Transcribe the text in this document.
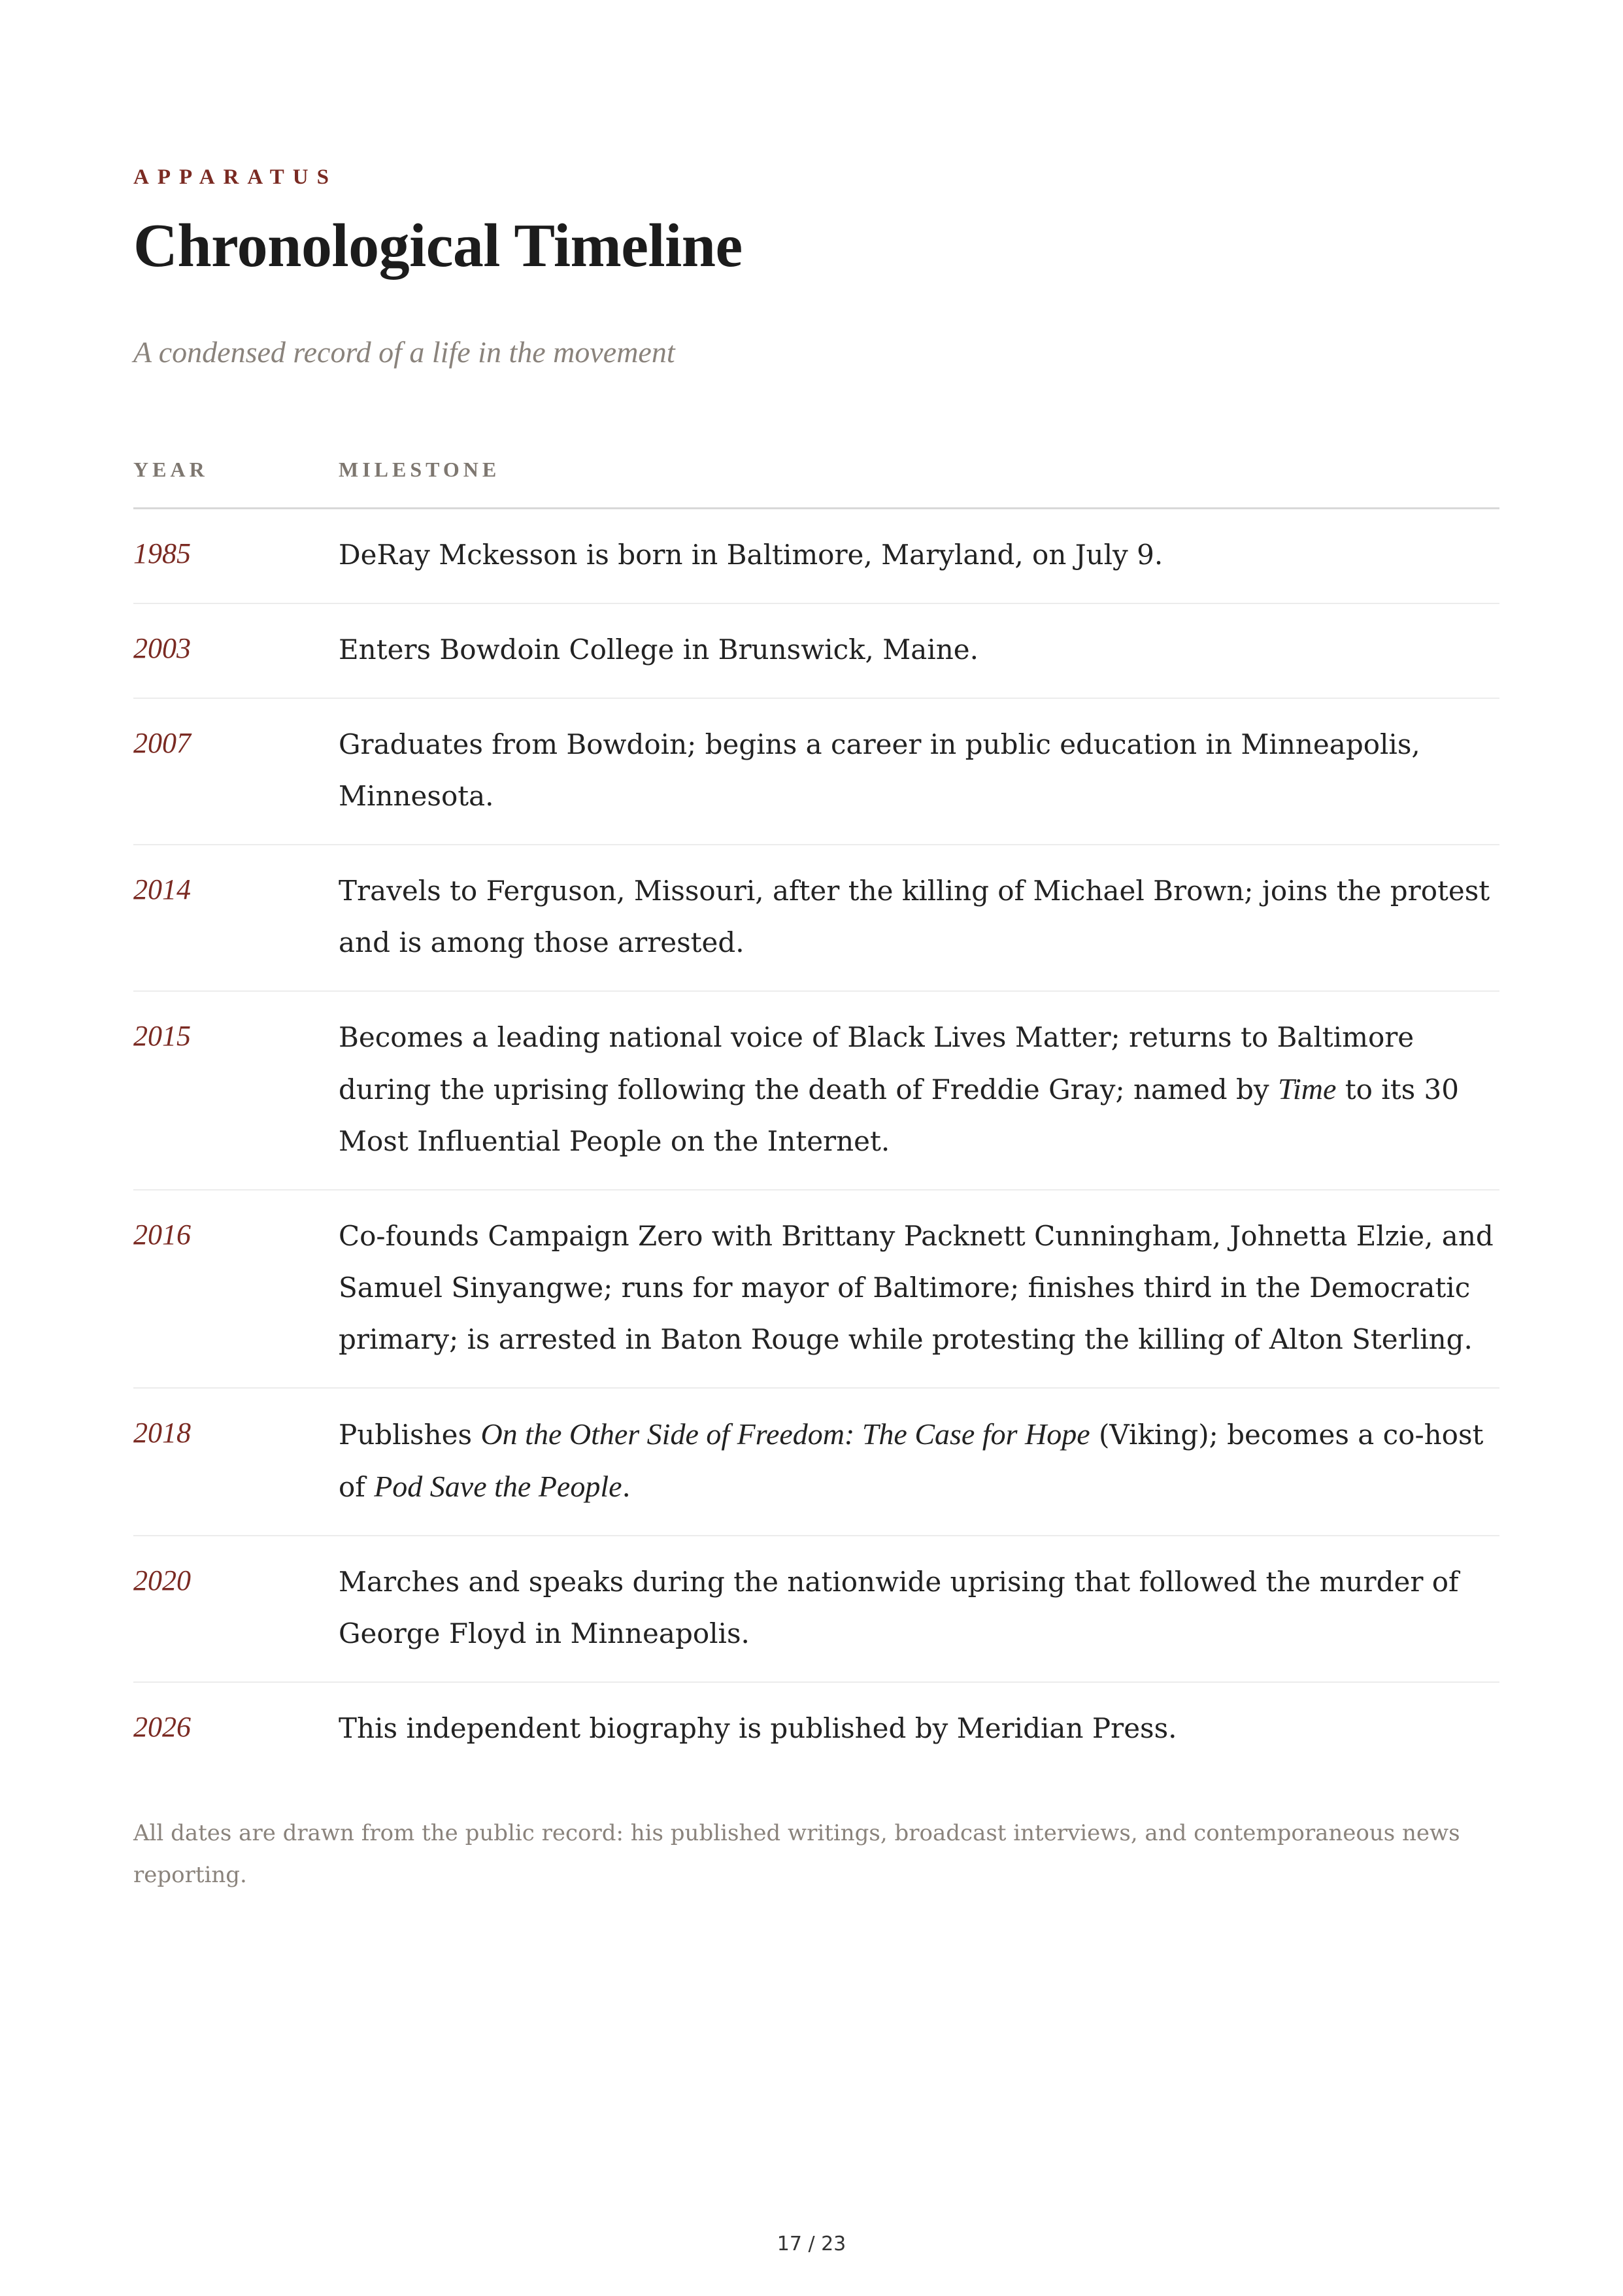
APPARATUS
Chronological Timeline
A condensed record of a life in the movement
YEAR	MILESTONE
1985	DeRay Mckesson is born in Baltimore, Maryland, on July 9.
2003	Enters Bowdoin College in Brunswick, Maine.
2007	Graduates from Bowdoin; begins a career in public education in Minneapolis, Minnesota.
2014	Travels to Ferguson, Missouri, after the killing of Michael Brown; joins the protest and is among those arrested.
2015	Becomes a leading national voice of Black Lives Matter; returns to Baltimore during the uprising following the death of Freddie Gray; named by Time to its 30 Most Influential People on the Internet.
2016	Co-founds Campaign Zero with Brittany Packnett Cunningham, Johnetta Elzie, and Samuel Sinyangwe; runs for mayor of Baltimore; finishes third in the Democratic primary; is arrested in Baton Rouge while protesting the killing of Alton Sterling.
2018	Publishes On the Other Side of Freedom: The Case for Hope (Viking); becomes a co-host of Pod Save the People.
2020	Marches and speaks during the nationwide uprising that followed the murder of George Floyd in Minneapolis.
2026	This independent biography is published by Meridian Press.
All dates are drawn from the public record: his published writings, broadcast interviews, and contemporaneous news reporting.
17 / 23
